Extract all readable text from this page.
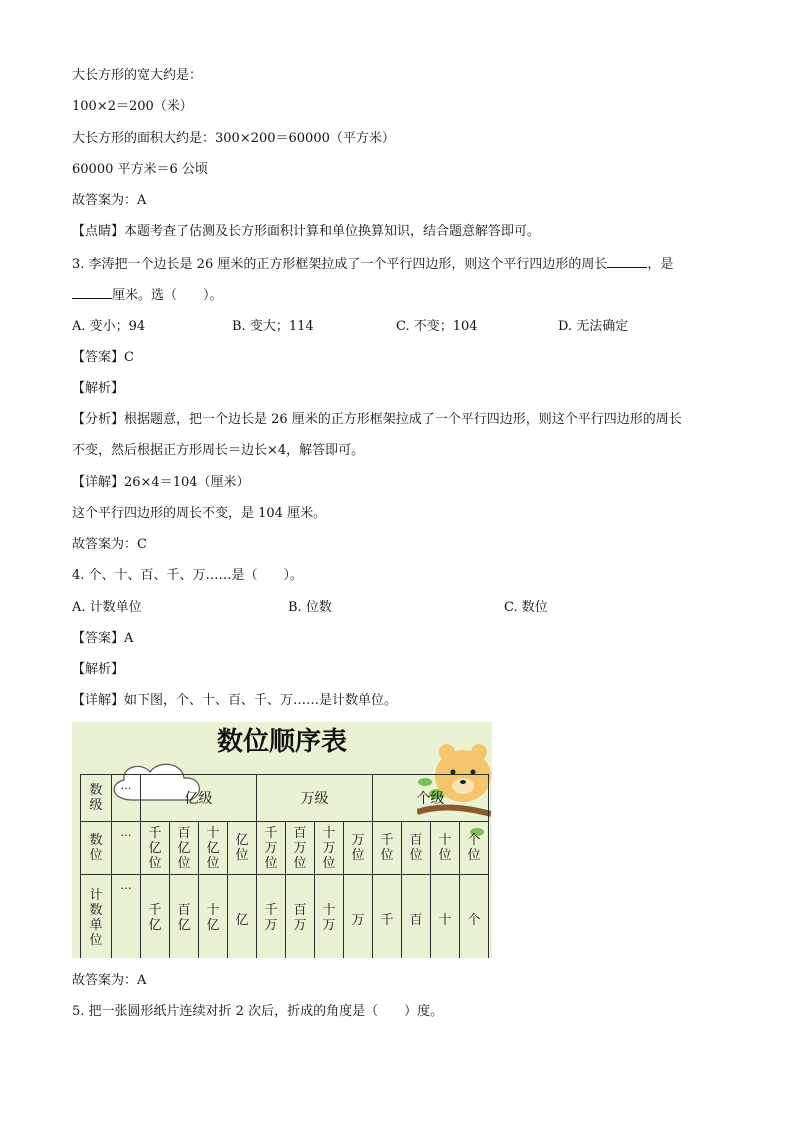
大长方形的宽大约是：
100×2＝200（米）
大长方形的面积大约是：300×200＝60000（平方米）
60000 平方米＝6 公顷
故答案为：A
【点睛】本题考查了估测及长方形面积计算和单位换算知识，结合题意解答即可。
3. 李涛把一个边长是 26 厘米的正方形框架拉成了一个平行四边形，则这个平行四边形的周长	，是
厘米。选（　　）。
A. 变小；94	B. 变大；114	C. 不变；104	D. 无法确定
【答案】C
【解析】
【分析】根据题意，把一个边长是 26 厘米的正方形框架拉成了一个平行四边形，则这个平行四边形的周长
不变，然后根据正方形周长＝边长×4，解答即可。
【详解】26×4＝104（厘米）
这个平行四边形的周长不变，是 104 厘米。
故答案为：C
4. 个、十、百、千、万……是（　　）。
A. 计数单位	B. 位数	C. 数位
【答案】A
【解析】
【详解】如下图，个、十、百、千、万……是计数单位。
数位顺序表
数级	…	亿级				万级				个级			
数位	…	千亿位	百亿位	十亿位	亿位	千万位	百万位	十万位	万位	千位	百位	十位	个位
计数单位	…	千亿	百亿	十亿	亿	千万	百万	十万	万	千	百	十	个
故答案为：A
5. 把一张圆形纸片连续对折 2 次后，折成的角度是（　　）度。
